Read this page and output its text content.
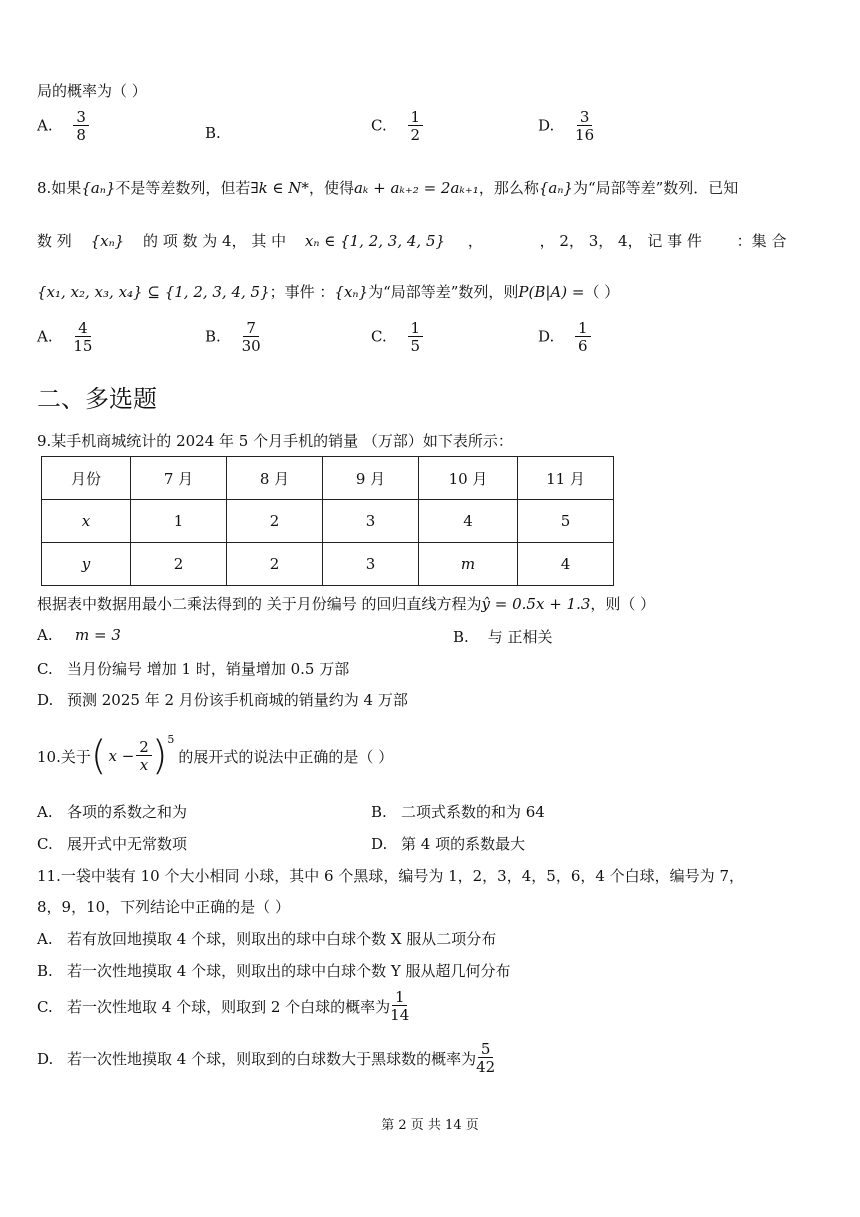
局的概率为（ ）
A. $\frac{3}{8}$	B.	C. $\frac{1}{2}$	D. $\frac{3}{16}$
8.如果{aₙ}不是等差数列，但若∃k ∈ N*，使得aₖ + aₖ₊₂ = 2aₖ₊₁，那么称{aₙ}为“局部等差”数列．已知
数 列 {xₙ} 的 项 数 为 4， 其 中 xₙ ∈ {1, 2, 3, 4, 5} ，	， 2， 3， 4， 记 事 件 ：集 合
{x₁, x₂, x₃, x₄} ⊆ {1, 2, 3, 4, 5}；事件 ：{xₙ}为“局部等差”数列，则P(B|A) =（ ）
A. $\frac{4}{15}$	B. $\frac{7}{30}$	C. $\frac{1}{5}$	D. $\frac{1}{6}$
二、多选题
9.某手机商城统计的 2024 年 5 个月手机的销量 （万部）如下表所示：
月份	7 月	8 月	9 月	10 月	11 月
x	1	2	3	4	5
y	2	2	3	m	4
根据表中数据用最小二乘法得到的 关于月份编号 的回归直线方程为ŷ = 0.5x + 1.3，则（ ）
A. m = 3	B. 与 正相关
C. 当月份编号 增加 1 时，销量增加 0.5 万部
D. 预测 2025 年 2 月份该手机商城的销量约为 4 万部
10.关于 ( $x - \frac{2}{x}$ ) 5
的展开式的说法中正确的是（ ）
A. 各项的系数之和为	B. 二项式系数的和为 64
C. 展开式中无常数项	D. 第 4 项的系数最大
11.一袋中装有 10 个大小相同 小球，其中 6 个黑球，编号为 1，2，3，4，5，6，4 个白球，编号为 7，
8，9，10，下列结论中正确的是（ ）
A. 若有放回地摸取 4 个球，则取出的球中白球个数 X 服从二项分布
B. 若一次性地摸取 4 个球，则取出的球中白球个数 Y 服从超几何分布
C. 若一次性地取 4 个球，则取到 2 个白球的概率为 $\frac{1}{14}$
D. 若一次性地摸取 4 个球，则取到的白球数大于黑球数的概率为 $\frac{5}{42}$
第 2 页 共 14 页
